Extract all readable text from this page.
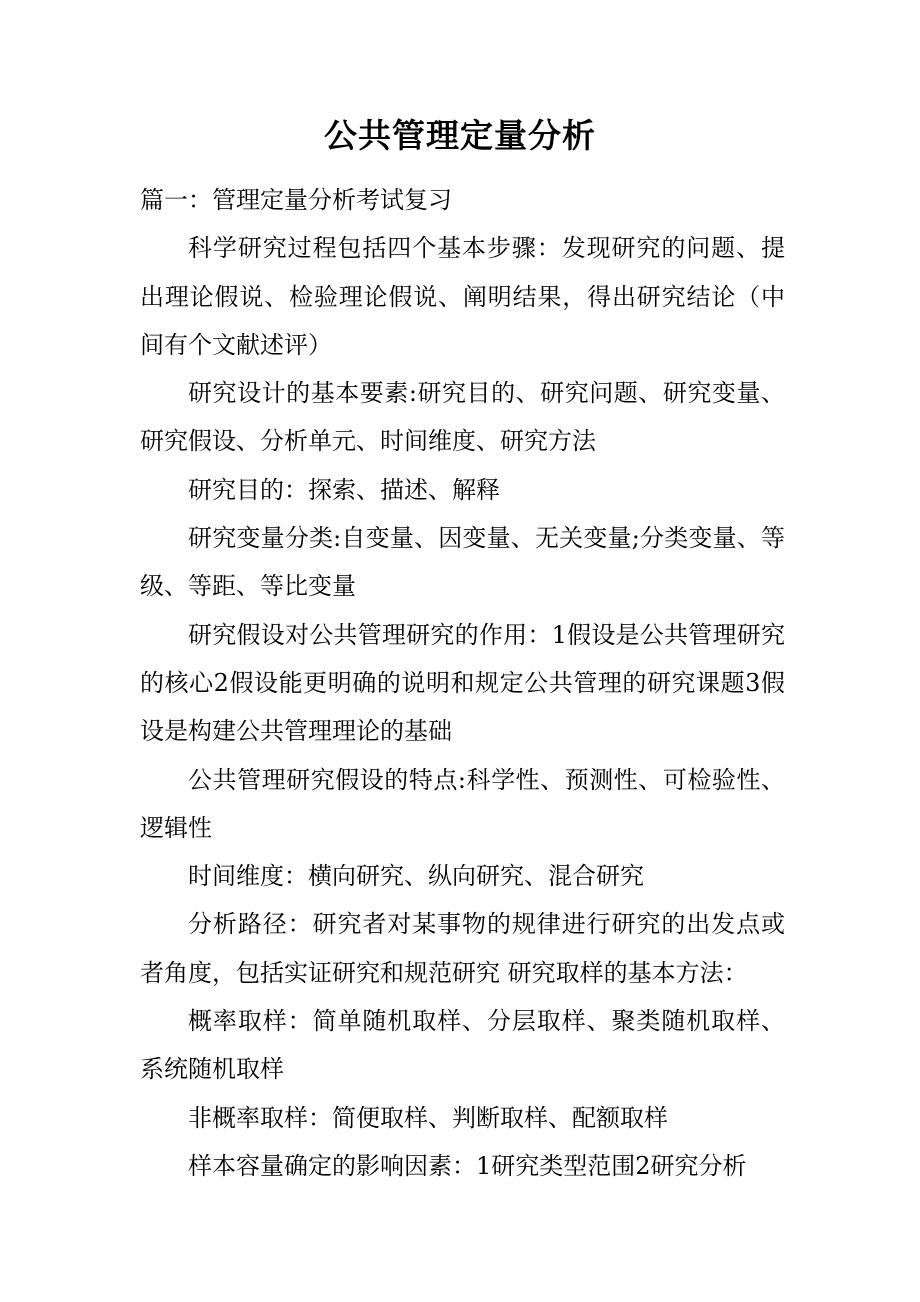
公共管理定量分析

篇一：管理定量分析考试复习

科学研究过程包括四个基本步骤：发现研究的问题、提出理论假说、检验理论假说、阐明结果，得出研究结论（中间有个文献述评）

研究设计的基本要素:研究目的、研究问题、研究变量、研究假设、分析单元、时间维度、研究方法

研究目的：探索、描述、解释

研究变量分类:自变量、因变量、无关变量;分类变量、等级、等距、等比变量

研究假设对公共管理研究的作用：1假设是公共管理研究的核心2假设能更明确的说明和规定公共管理的研究课题3假设是构建公共管理理论的基础

公共管理研究假设的特点:科学性、预测性、可检验性、逻辑性

时间维度：横向研究、纵向研究、混合研究

分析路径：研究者对某事物的规律进行研究的出发点或者角度，包括实证研究和规范研究 研究取样的基本方法：

概率取样：简单随机取样、分层取样、聚类随机取样、系统随机取样

非概率取样：简便取样、判断取样、配额取样

样本容量确定的影响因素：1研究类型范围2研究分析
